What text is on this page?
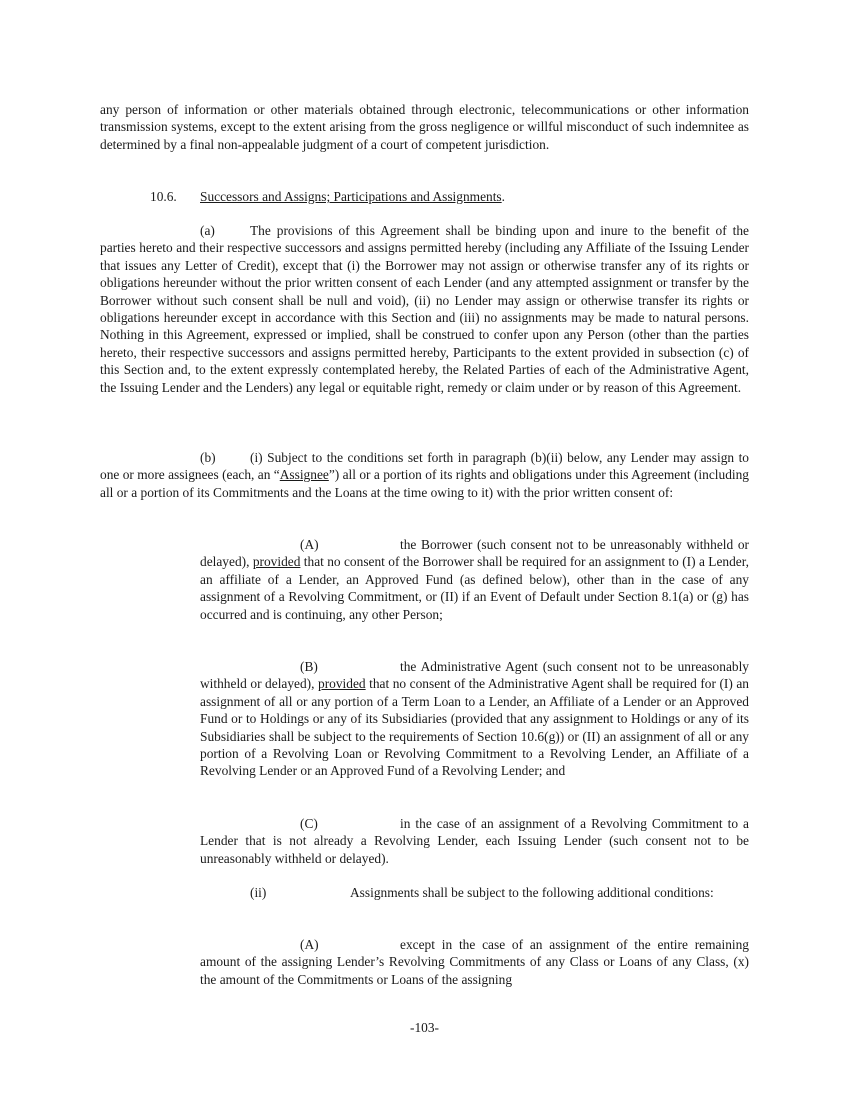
any person of information or other materials obtained through electronic, telecommunications or other information transmission systems, except to the extent arising from the gross negligence or willful misconduct of such indemnitee as determined by a final non-appealable judgment of a court of competent jurisdiction.

10.6. Successors and Assigns; Participations and Assignments.

(a)	The provisions of this Agreement shall be binding upon and inure to the benefit of the parties hereto and their respective successors and assigns permitted hereby (including any Affiliate of the Issuing Lender that issues any Letter of Credit), except that (i) the Borrower may not assign or otherwise transfer any of its rights or obligations hereunder without the prior written consent of each Lender (and any attempted assignment or transfer by the Borrower without such consent shall be null and void), (ii) no Lender may assign or otherwise transfer its rights or obligations hereunder except in accordance with this Section and (iii) no assignments may be made to natural persons. Nothing in this Agreement, expressed or implied, shall be construed to confer upon any Person (other than the parties hereto, their respective successors and assigns permitted hereby, Participants to the extent provided in subsection (c) of this Section and, to the extent expressly contemplated hereby, the Related Parties of each of the Administrative Agent, the Issuing Lender and the Lenders) any legal or equitable right, remedy or claim under or by reason of this Agreement.

(b)	(i) Subject to the conditions set forth in paragraph (b)(ii) below, any Lender may assign to one or more assignees (each, an “Assignee”) all or a portion of its rights and obligations under this Agreement (including all or a portion of its Commitments and the Loans at the time owing to it) with the prior written consent of:

(A)	the Borrower (such consent not to be unreasonably withheld or delayed), provided that no consent of the Borrower shall be required for an assignment to (I) a Lender, an affiliate of a Lender, an Approved Fund (as defined below), other than in the case of any assignment of a Revolving Commitment, or (II) if an Event of Default under Section 8.1(a) or (g) has occurred and is continuing, any other Person;

(B)	the Administrative Agent (such consent not to be unreasonably withheld or delayed), provided that no consent of the Administrative Agent shall be required for (I) an assignment of all or any portion of a Term Loan to a Lender, an Affiliate of a Lender or an Approved Fund or to Holdings or any of its Subsidiaries (provided that any assignment to Holdings or any of its Subsidiaries shall be subject to the requirements of Section 10.6(g)) or (II) an assignment of all or any portion of a Revolving Loan or Revolving Commitment to a Revolving Lender, an Affiliate of a Revolving Lender or an Approved Fund of a Revolving Lender; and

(C)	in the case of an assignment of a Revolving Commitment to a Lender that is not already a Revolving Lender, each Issuing Lender (such consent not to be unreasonably withheld or delayed).

(ii)	Assignments shall be subject to the following additional conditions:

(A)	except in the case of an assignment of the entire remaining amount of the assigning Lender’s Revolving Commitments of any Class or Loans of any Class, (x) the amount of the Commitments or Loans of the assigning

-103-
